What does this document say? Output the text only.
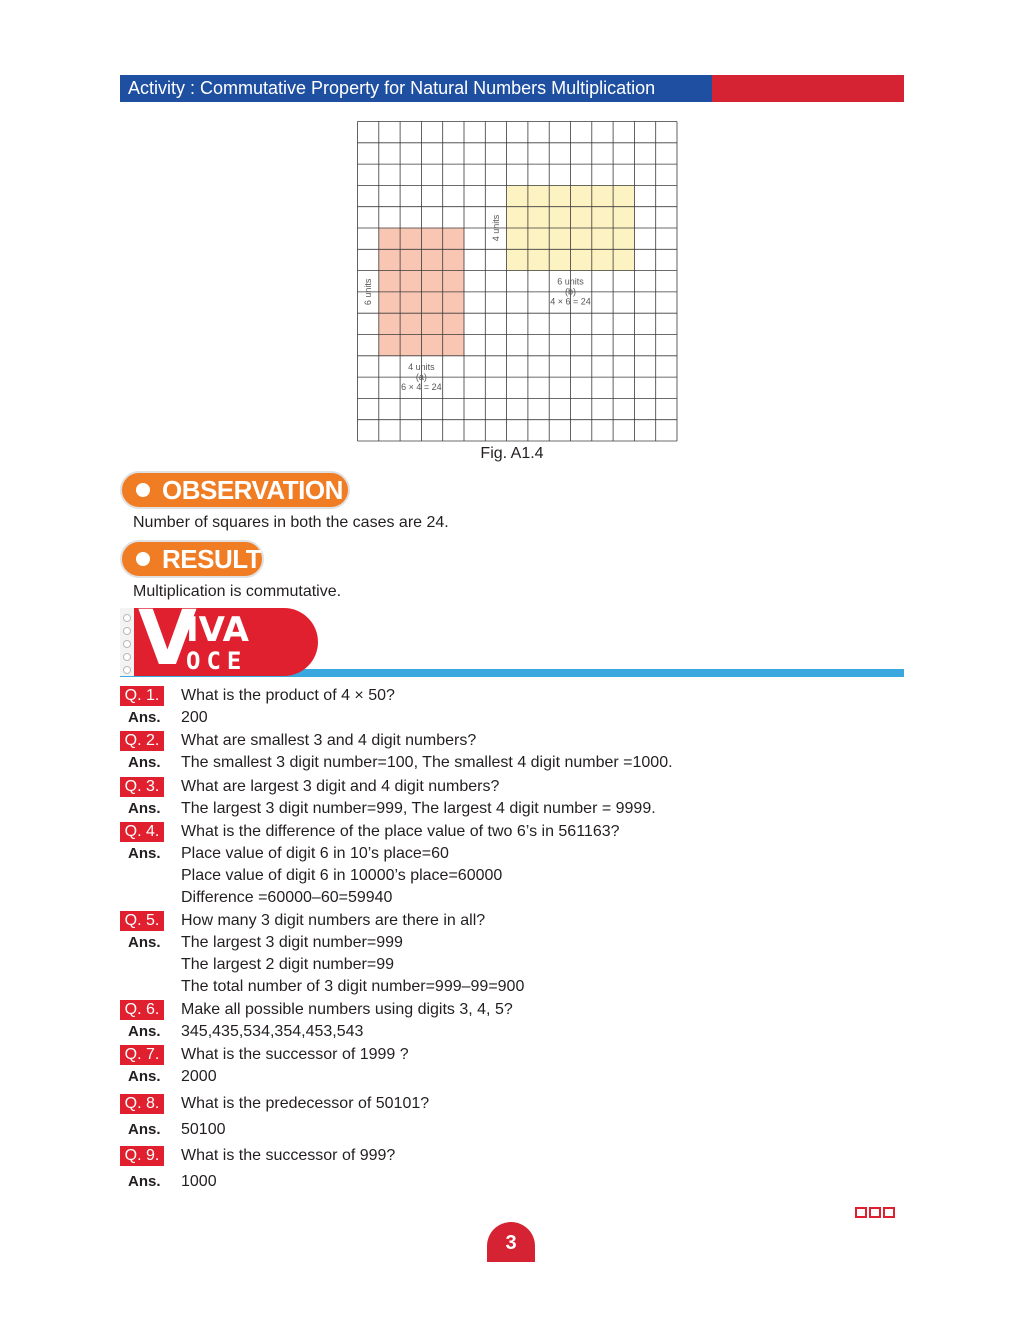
Activity : Commutative Property for Natural Numbers Multiplication
6 units
4 units
(a)
6 × 4 = 24
4 units
6 units
(b)
4 × 6 = 24
Fig. A1.4
OBSERVATION
Number of squares in both the cases are 24.
RESULT
Multiplication is commutative.
V
IVA
OCE
Q. 1. What is the product of 4 × 50?
Ans. 200
Q. 2. What are smallest 3 and 4 digit numbers?
Ans. The smallest 3 digit number=100, The smallest 4 digit number =1000.
Q. 3. What are largest 3 digit and 4 digit numbers?
Ans. The largest 3 digit number=999, The largest 4 digit number = 9999.
Q. 4. What is the difference of the place value of two 6’s in 561163?
Ans. Place value of digit 6 in 10’s place=60
Place value of digit 6 in 10000’s place=60000
Difference =60000–60=59940
Q. 5. How many 3 digit numbers are there in all?
Ans. The largest 3 digit number=999
The largest 2 digit number=99
The total number of 3 digit number=999–99=900
Q. 6. Make all possible numbers using digits 3, 4, 5?
Ans. 345,435,534,354,453,543
Q. 7. What is the successor of 1999 ?
Ans. 2000
Q. 8. What is the predecessor of 50101?
Ans. 50100
Q. 9. What is the successor of 999?
Ans. 1000
3
